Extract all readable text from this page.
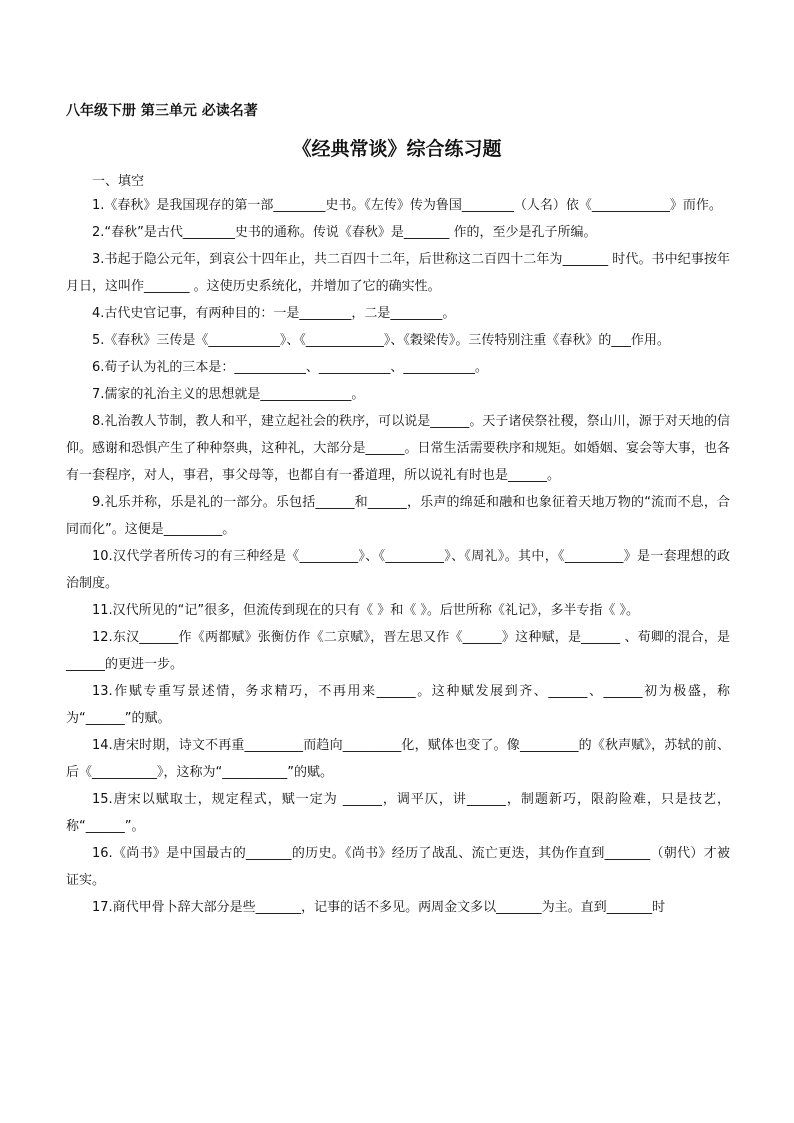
八年级下册 第三单元 必读名著
《经典常谈》综合练习题
一、填空

1.《春秋》是我国现存的第一部________史书。《左传》传为鲁国________（人名）依《____________》而作。

2.“春秋”是古代________史书的通称。传说《春秋》是_______ 作的，至少是孔子所编。

3.书起于隐公元年，到哀公十四年止，共二百四十二年，后世称这二百四十二年为_______ 时代。书中纪事按年月日，这叫作_______ 。这使历史系统化，并增加了它的确实性。

4.古代史官记事，有两种目的：一是________，二是________。

5.《春秋》三传是《___________》、《____________》、《穀梁传》。三传特别注重《春秋》的___作用。

6.荀子认为礼的三本是：___________、___________、___________。

7.儒家的礼治主义的思想就是______________。

8.礼治教人节制，教人和平，建立起社会的秩序，可以说是______。天子诸侯祭社稷，祭山川，源于对天地的信仰。感谢和恐惧产生了种种祭典，这种礼，大部分是______。日常生活需要秩序和规矩。如婚姻、宴会等大事，也各有一套程序，对人，事君，事父母等，也都自有一番道理，所以说礼有时也是______。

9.礼乐并称，乐是礼的一部分。乐包括______和______，乐声的绵延和融和也象征着天地万物的“流而不息，合同而化”。这便是_________。

10.汉代学者所传习的有三种经是《_________》、《_________》、《周礼》。其中，《_________》是一套理想的政治制度。

11.汉代所见的“记”很多，但流传到现在的只有《 》和《 》。后世所称《礼记》，多半专指《 》。

12.东汉______作《两都赋》张衡仿作《二京赋》，晋左思又作《______》这种赋，是______ 、荀卿的混合，是______的更进一步。

13.作赋专重写景述情，务求精巧，不再用来______。这种赋发展到齐、______、______初为极盛，称为“______”的赋。

14.唐宋时期，诗文不再重_________而趋向_________化，赋体也变了。像_________的《秋声赋》，苏轼的前、后《__________》，这称为“__________”的赋。

15.唐宋以赋取士，规定程式，赋一定为 ______，调平仄，讲______，制题新巧，限韵险难，只是技艺，称“______”。

16.《尚书》是中国最古的_______的历史。《尚书》经历了战乱、流亡更迭，其伪作直到_______（朝代）才被证实。

17.商代甲骨卜辞大部分是些_______，记事的话不多见。两周金文多以_______为主。直到_______时
